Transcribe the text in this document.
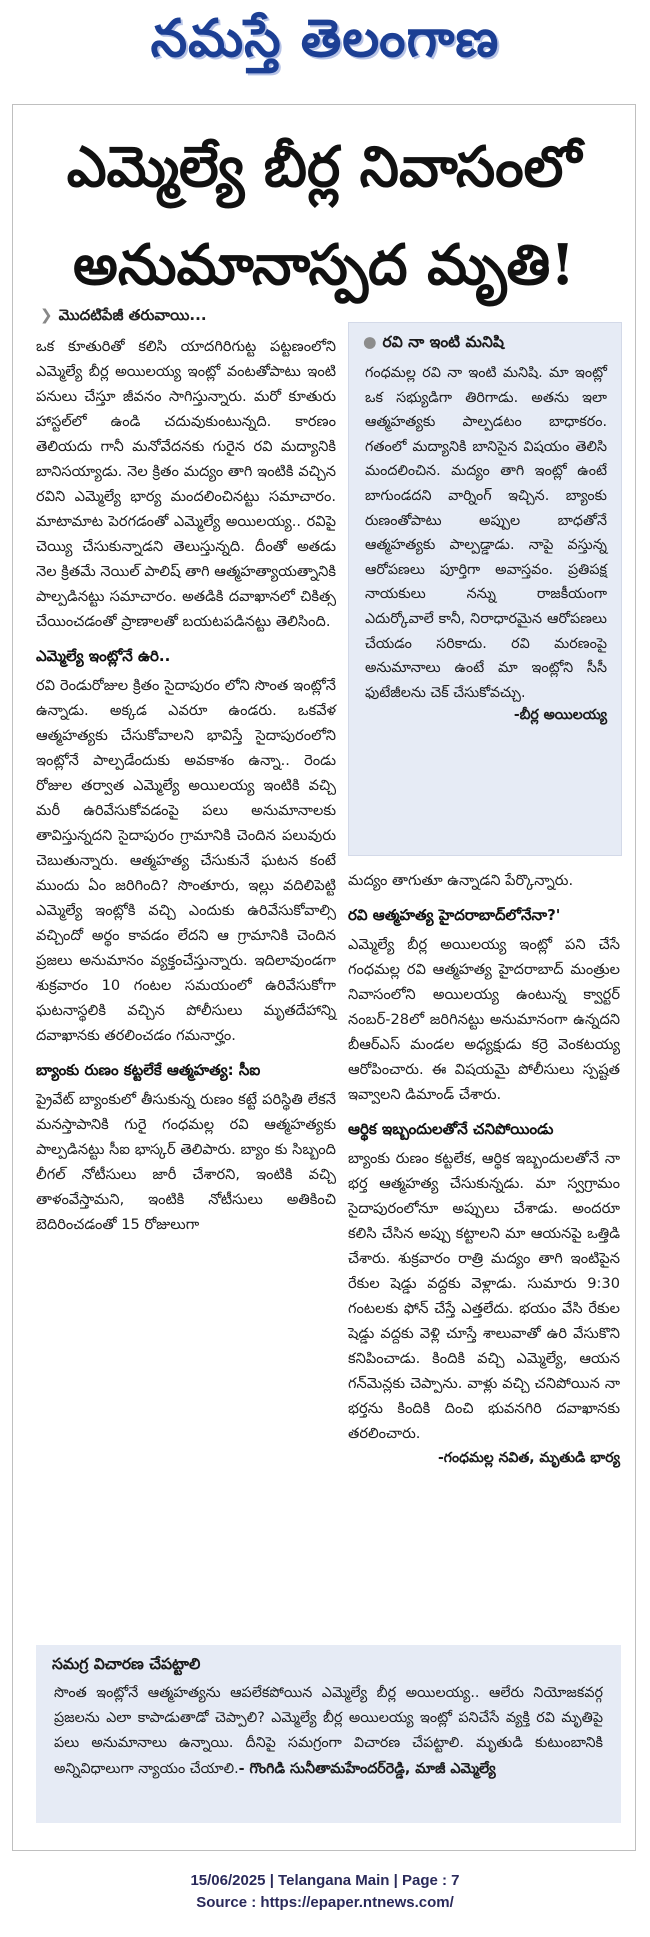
నమస్తే తెలంగాణ
ఎమ్మెల్యే బీర్ల నివాసంలో
అనుమానాస్పద మృతి!
❯ మొదటిపేజీ తరువాయి...

ఒక కూతురితో కలిసి యాదగిరిగుట్ట పట్టణంలోని ఎమ్మెల్యే బీర్ల అయిలయ్య ఇంట్లో వంటతోపాటు ఇంటి పనులు చేస్తూ జీవనం సాగిస్తున్నారు. మరో కూతురు హాస్టల్‌లో ఉండి చదువుకుంటున్నది. కారణం తెలియదు గానీ మనోవేదనకు గురైన రవి మద్యానికి బానిసయ్యాడు. నెల క్రితం మద్యం తాగి ఇంటికి వచ్చిన రవిని ఎమ్మెల్యే భార్య మందలించినట్టు సమాచారం. మాటామాట పెరగడంతో ఎమ్మెల్యే అయిలయ్య.. రవిపై చెయ్యి చేసుకున్నాడని తెలుస్తున్నది. దీంతో అతడు నెల క్రితమే నెయిల్ పాలిష్ తాగి ఆత్మహత్యాయత్నానికి పాల్పడినట్టు సమాచారం. అతడికి దవాఖానలో చికిత్స చేయించడంతో ప్రాణాలతో బయటపడినట్టు తెలిసింది.

ఎమ్మెల్యే ఇంట్లోనే ఉరి..

రవి రెండురోజుల క్రితం సైదాపురం లోని సొంత ఇంట్లోనే ఉన్నాడు. అక్కడ ఎవరూ ఉండరు. ఒకవేళ ఆత్మహత్యకు చేసుకోవాలని భావిస్తే సైదాపురంలోని ఇంట్లోనే పాల్పడేందుకు అవకాశం ఉన్నా.. రెండు రోజుల తర్వాత ఎమ్మెల్యే అయిలయ్య ఇంటికి వచ్చి మరీ ఉరివేసుకోవడంపై పలు అనుమానాలకు తావిస్తున్నదని సైదాపురం గ్రామానికి చెందిన పలువురు చెబుతున్నారు. ఆత్మహత్య చేసుకునే ఘటన కంటే ముందు ఏం జరిగింది? సొంతూరు, ఇల్లు వదిలిపెట్టి ఎమ్మెల్యే ఇంట్లోకి వచ్చి ఎందుకు ఉరివేసుకోవాల్సి వచ్చిందో అర్థం కావడం లేదని ఆ గ్రామానికి చెందిన ప్రజలు అనుమానం వ్యక్తంచేస్తున్నారు. ఇదిలావుండగా శుక్రవారం 10 గంటల సమయంలో ఉరివేసుకోగా ఘటనాస్థలికి వచ్చిన పోలీసులు మృతదేహాన్ని దవాఖానకు తరలించడం గమనార్హం.

బ్యాంకు రుణం కట్టలేకే ఆత్మహత్య: సీఐ

ప్రైవేట్ బ్యాంకులో తీసుకున్న రుణం కట్టే పరిస్థితి లేకనే మనస్తాపానికి గురై గంధమల్ల రవి ఆత్మహత్యకు పాల్పడినట్టు సీఐ భాస్కర్ తెలిపారు. బ్యాం కు సిబ్బంది లీగల్ నోటీసులు జారీ చేశారని, ఇంటికి వచ్చి తాళంవేస్తామని, ఇంటికి నోటీసులు అతికించి బెదిరించడంతో 15 రోజులుగా

● రవి నా ఇంటి మనిషి
గంధమల్ల రవి నా ఇంటి మనిషి. మా ఇంట్లో ఒక సభ్యుడిగా తిరిగాడు. అతను ఇలా ఆత్మహత్యకు పాల్పడటం బాధాకరం. గతంలో మద్యానికి బానిసైన విషయం తెలిసి మందలించిన. మద్యం తాగి ఇంట్లో ఉంటే బాగుండదని వార్నింగ్ ఇచ్చిన. బ్యాంకు రుణంతోపాటు అప్పుల బాధతోనే ఆత్మహత్యకు పాల్పడ్డాడు. నాపై వస్తున్న ఆరోపణలు పూర్తిగా అవాస్తవం. ప్రతిపక్ష నాయకులు నన్ను రాజకీయంగా ఎదుర్కోవాలే కానీ, నిరాధారమైన ఆరోపణలు చేయడం సరికాదు. రవి మరణంపై అనుమానాలు ఉంటే మా ఇంట్లోని సీసీ ఫుటేజీలను చెక్ చేసుకోవచ్చు.
-బీర్ల అయిలయ్య

మద్యం తాగుతూ ఉన్నాడని పేర్కొన్నారు.

రవి ఆత్మహత్య హైదరాబాద్‌లోనేనా?'

ఎమ్మెల్యే బీర్ల అయిలయ్య ఇంట్లో పని చేసే గంధమల్ల రవి ఆత్మహత్య హైదరాబాద్ మంత్రుల నివాసంలోని అయిలయ్య ఉంటున్న క్వార్టర్ నంబర్-28లో జరిగినట్టు అనుమానంగా ఉన్నదని బీఆర్‌ఎస్ మండల అధ్యక్షుడు కర్రె వెంకటయ్య ఆరోపించారు. ఈ విషయమై పోలీసులు స్పష్టత ఇవ్వాలని డిమాండ్ చేశారు.

ఆర్థిక ఇబ్బందులతోనే చనిపోయిండు

బ్యాంకు రుణం కట్టలేక, ఆర్థిక ఇబ్బందులతోనే నా భర్త ఆత్మహత్య చేసుకున్నడు. మా స్వగ్రామం సైదాపురంలోనూ అప్పులు చేశాడు. అందరూ కలిసి చేసిన అప్పు కట్టాలని మా ఆయనపై ఒత్తిడి చేశారు. శుక్రవారం రాత్రి మద్యం తాగి ఇంటిపైన రేకుల షెడ్డు వద్దకు వెళ్లాడు. సుమారు 9:30 గంటలకు ఫోన్ చేస్తే ఎత్తలేదు. భయం వేసి రేకుల షెడ్డు వద్దకు వెళ్లి చూస్తే శాలువాతో ఉరి వేసుకొని కనిపించాడు. కిందికి వచ్చి ఎమ్మెల్యే, ఆయన గన్‌మెన్లకు చెప్పాను. వాళ్లు వచ్చి చనిపోయిన నా భర్తను కిందికి దించి భువనగిరి దవాఖానకు తరలించారు.

-గంధమల్ల నవిత, మృతుడి భార్య
సమగ్ర విచారణ చేపట్టాలి
సొంత ఇంట్లోనే ఆత్మహత్యను ఆపలేకపోయిన ఎమ్మెల్యే బీర్ల అయిలయ్య.. ఆలేరు నియోజకవర్గ ప్రజలను ఎలా కాపాడుతాడో చెప్పాలి? ఎమ్మెల్యే బీర్ల అయిలయ్య ఇంట్లో పనిచేసే వ్యక్తి రవి మృతిపై పలు అనుమానాలు ఉన్నాయి. దీనిపై సమగ్రంగా విచారణ చేపట్టాలి. మృతుడి కుటుంబానికి అన్నివిధాలుగా న్యాయం చేయాలి.- గొంగిడి సునీతామహేందర్‌రెడ్డి, మాజీ ఎమ్మెల్యే
15/06/2025 | Telangana Main | Page : 7
Source : https://epaper.ntnews.com/
